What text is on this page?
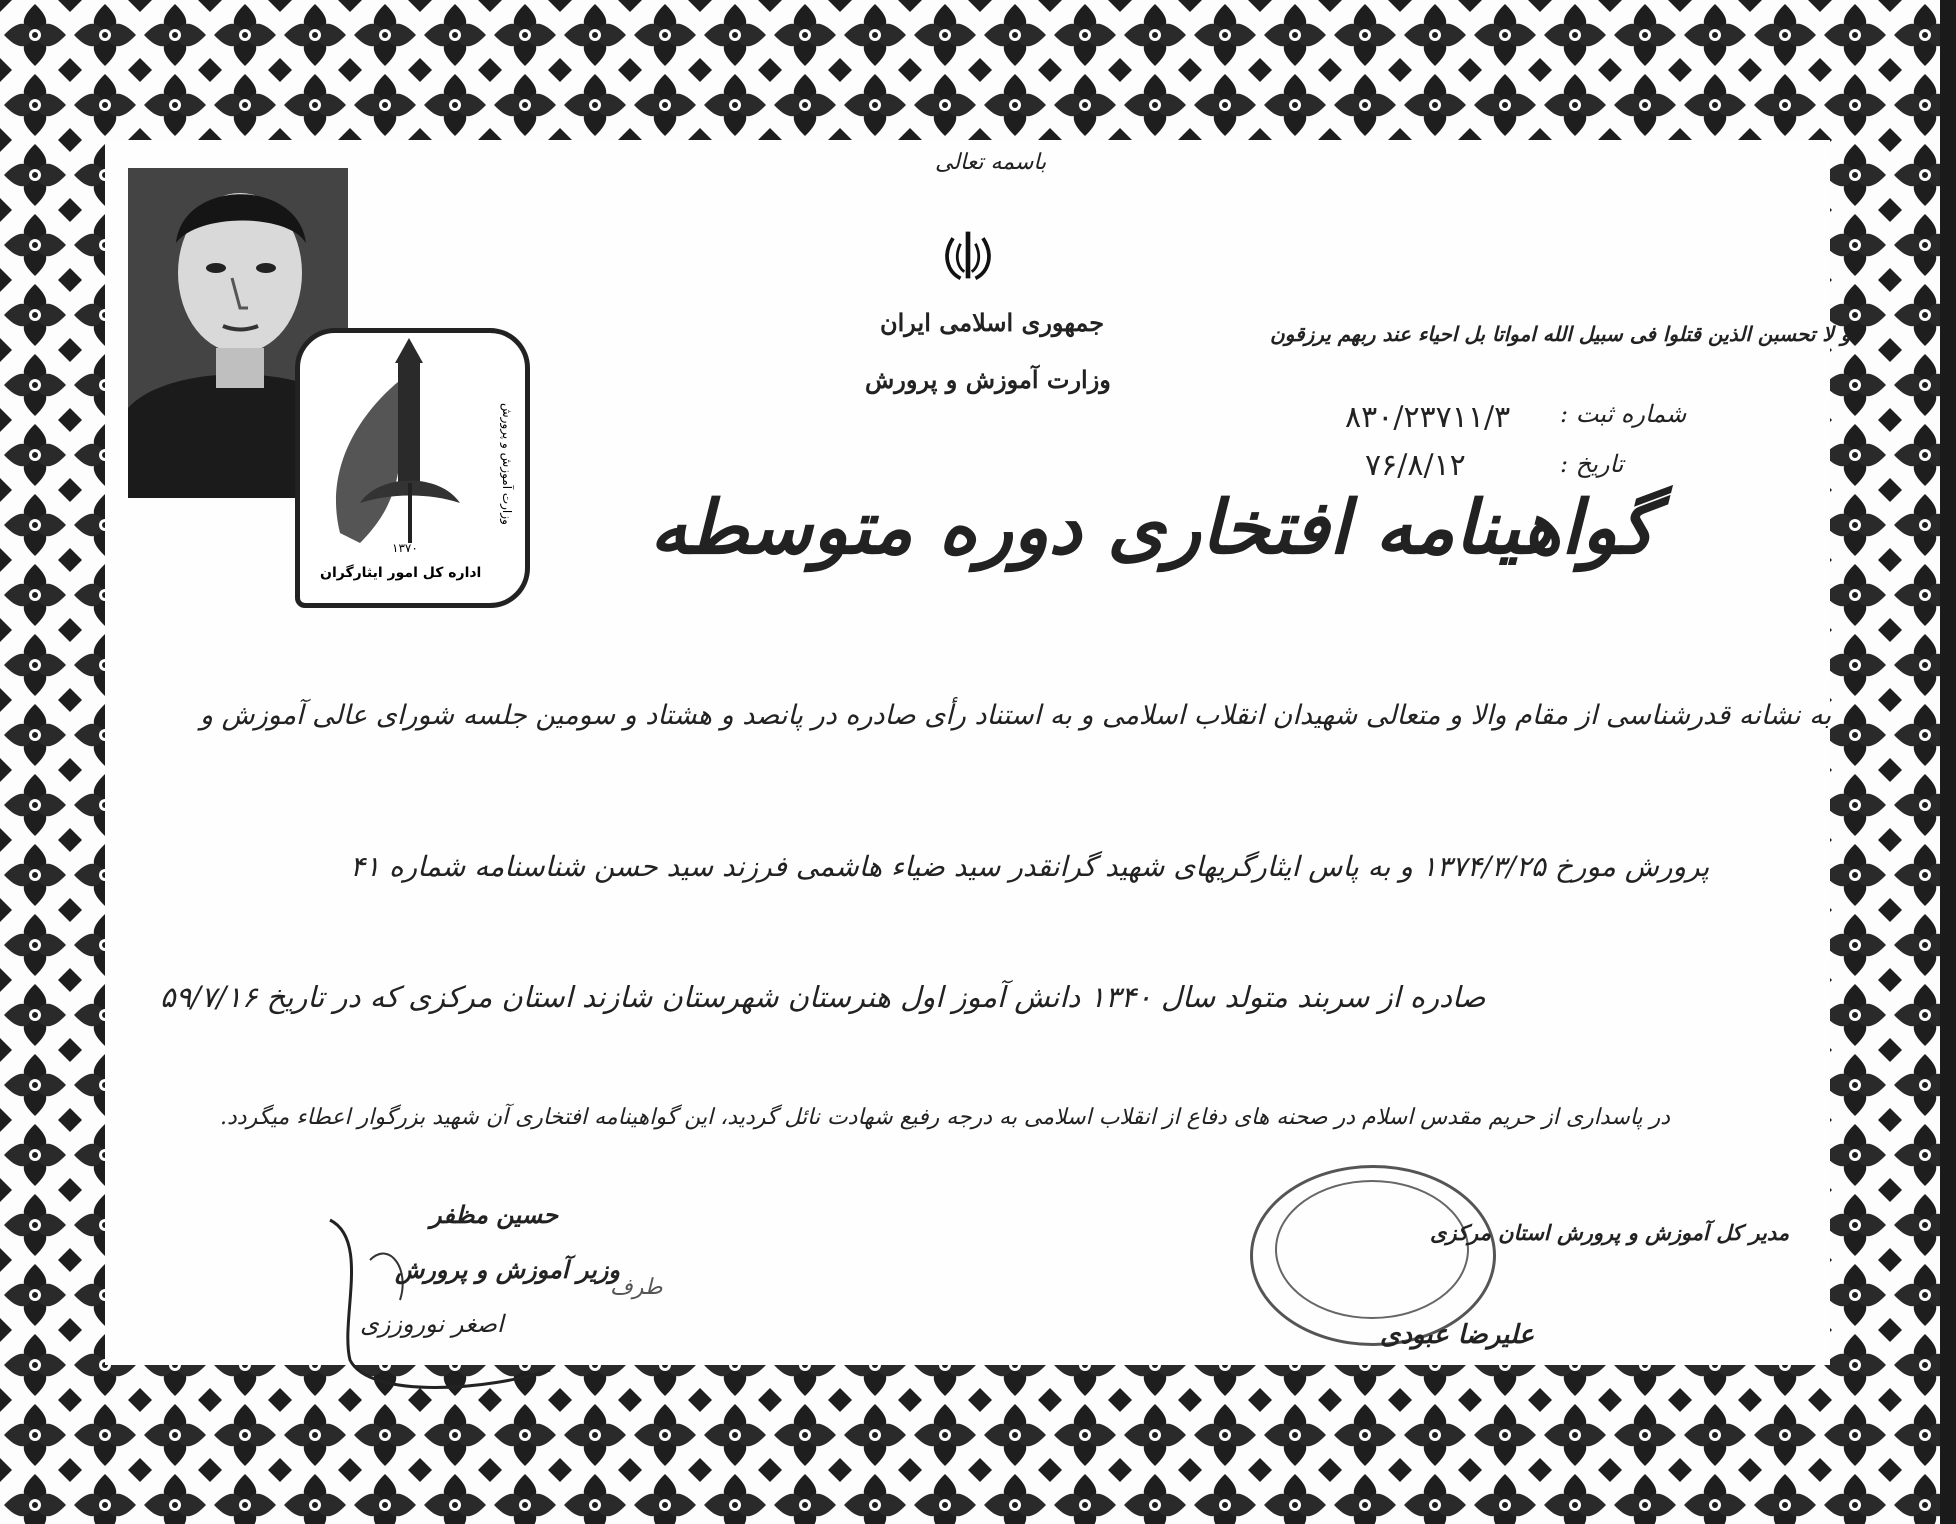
۱۳۷۰
اداره کل امور ایثارگران
وزارت آموزش و پرورش
باسمه تعالی
جمهوری اسلامی ایران
وزارت آموزش و پرورش
و لا تحسبن الذین قتلوا فی سبیل الله امواتا بل احیاء عند ربهم یرزقون
شماره ثبت :
۸۳۰/۲۳۷۱۱/۳
تاریخ :
۷۶/۸/۱۲
گواهینامه افتخاری دوره متوسطه
به نشانه قدرشناسی از مقام والا و متعالی شهیدان انقلاب اسلامی و به استناد رأی صادره در پانصد و هشتاد و سومین جلسه شورای عالی آموزش و
پرورش مورخ ۱۳۷۴/۳/۲۵ و به پاس ایثارگریهای شهید گرانقدر سید ضیاء هاشمی فرزند سید حسن شناسنامه شماره ۴۱
صادره از سربند متولد سال ۱۳۴۰ دانش آموز اول هنرستان شهرستان شازند استان مرکزی که در تاریخ ۵۹/۷/۱۶
در پاسداری از حریم مقدس اسلام در صحنه های دفاع از انقلاب اسلامی به درجه رفیع شهادت نائل گردید، این گواهینامه افتخاری آن شهید بزرگوار اعطاء میگردد.
حسین مظفر
وزیر آموزش و پرورش
اصغر نوروززی
طرف
مدیر کل آموزش و پرورش استان مرکزی
علیرضا عبودی
